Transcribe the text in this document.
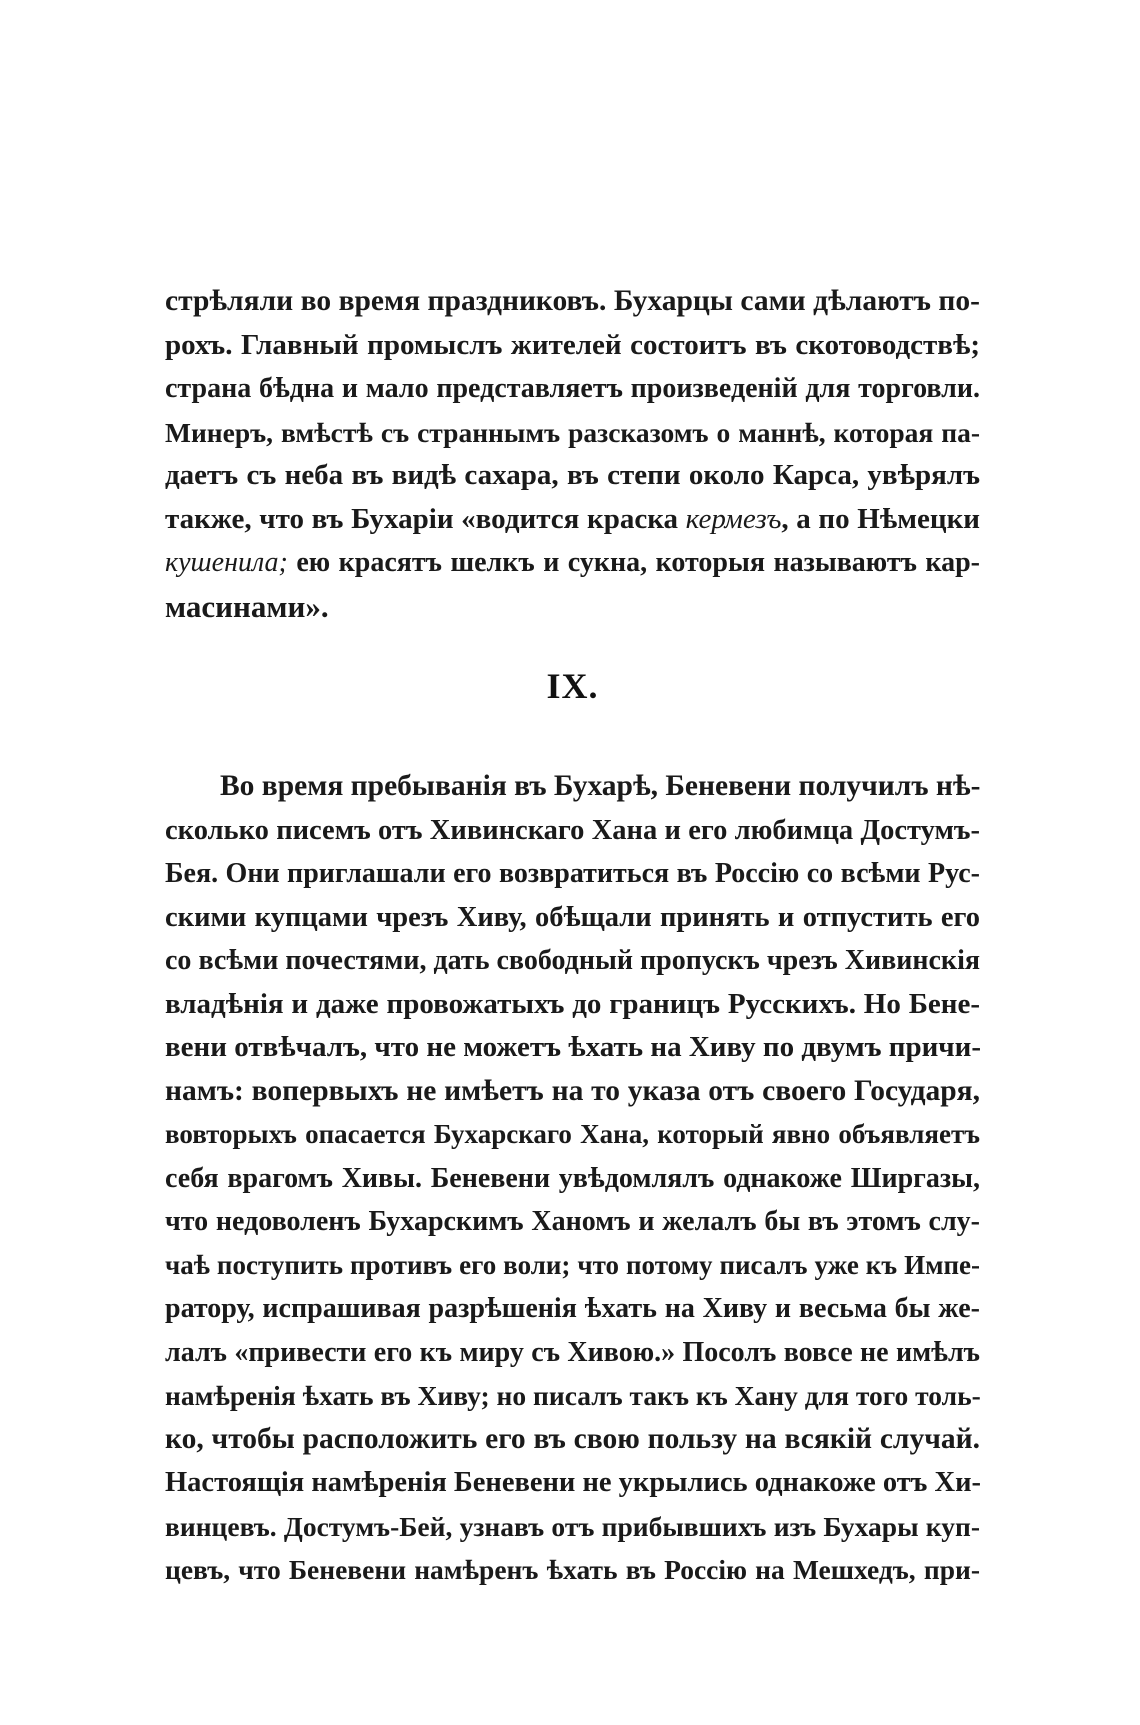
стрѣляли во время праздниковъ. Бухарцы сами дѣлаютъ по-
рохъ. Главный промыслъ жителей состоитъ въ скотоводствѣ;
страна бѣдна и мало представляетъ произведеній для торговли.
Минеръ, вмѣстѣ съ страннымъ разсказомъ о маннѣ, которая па-
даетъ съ неба въ видѣ сахара, въ степи около Карса, увѣрялъ
также, что въ Бухаріи «водится краска кермезъ, а по Нѣмецки
кушенила; ею красятъ шелкъ и сукна, которыя называютъ кар-
масинами».
IX.
Во время пребыванія въ Бухарѣ, Беневени получилъ нѣ-
сколько писемъ отъ Хивинскаго Хана и его любимца Достумъ-
Бея. Они приглашали его возвратиться въ Россію со всѣми Рус-
скими купцами чрезъ Хиву, обѣщали принять и отпустить его
со всѣми почестями, дать свободный пропускъ чрезъ Хивинскія
владѣнія и даже провожатыхъ до границъ Русскихъ. Но Бене-
вени отвѣчалъ, что не можетъ ѣхать на Хиву по двумъ причи-
намъ: вопервыхъ не имѣетъ на то указа отъ своего Государя,
вовторыхъ опасается Бухарскаго Хана, который явно объявляетъ
себя врагомъ Хивы. Беневени увѣдомлялъ однакоже Ширгазы,
что недоволенъ Бухарскимъ Ханомъ и желалъ бы въ этомъ слу-
чаѣ поступить противъ его воли; что потому писалъ уже къ Импе-
ратору, испрашивая разрѣшенія ѣхать на Хиву и весьма бы же-
лалъ «привести его къ миру съ Хивою.» Посолъ вовсе не имѣлъ
намѣренія ѣхать въ Хиву; но писалъ такъ къ Хану для того толь-
ко, чтобы расположить его въ свою пользу на всякій случай.
Настоящія намѣренія Беневени не укрылись однакоже отъ Хи-
винцевъ. Достумъ-Бей, узнавъ отъ прибывшихъ изъ Бухары куп-
цевъ, что Беневени намѣренъ ѣхать въ Россію на Мешхедъ, при-
